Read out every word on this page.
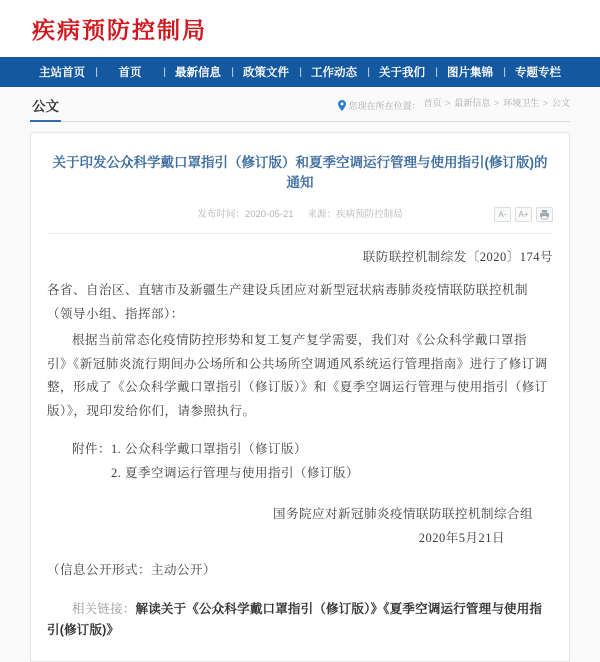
疾病预防控制局
主站首页 | 首页 | 最新信息 | 政策文件 | 工作动态 | 关于我们 | 图片集锦 | 专题专栏
公文	您现在所在位置： 首页 > 最新信息 > 环境卫生 > 公文
关于印发公众科学戴口罩指引（修订版）和夏季空调运行管理与使用指引(修订版)的通知
发布时间：2020-05-21 来源：疾病预防控制局	A-	A+

联防联控机制综发〔2020〕174号

各省、自治区、直辖市及新疆生产建设兵团应对新型冠状病毒肺炎疫情联防联控机制（领导小组、指挥部）：

根据当前常态化疫情防控形势和复工复产复学需要，我们对《公众科学戴口罩指引》《新冠肺炎流行期间办公场所和公共场所空调通风系统运行管理指南》进行了修订调整，形成了《公众科学戴口罩指引（修订版）》和《夏季空调运行管理与使用指引（修订版）》，现印发给你们，请参照执行。

附件： 1. 公众科学戴口罩指引（修订版）
2. 夏季空调运行管理与使用指引（修订版）

国务院应对新冠肺炎疫情联防联控机制综合组

2020年5月21日

（信息公开形式：主动公开）

相关链接：解读关于《公众科学戴口罩指引（修订版）》《夏季空调运行管理与使用指引(修订版)》
